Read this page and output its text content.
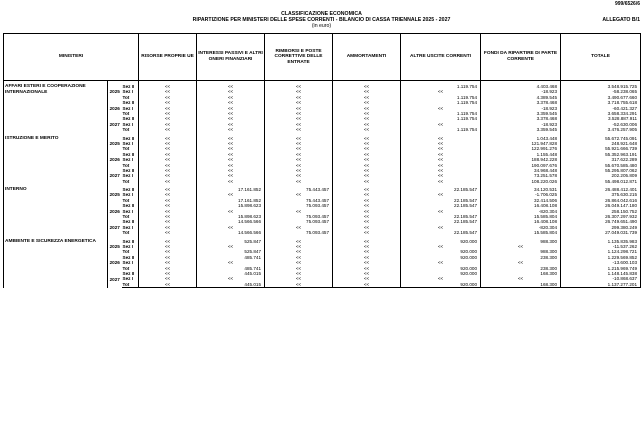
999/6526/6
CLASSIFICAZIONE ECONOMICA
RIPARTIZIONE PER MINISTERI DELLE SPESE CORRENTI - BILANCIO DI CASSA TRIENNALE 2025 - 2027
(in euro)
ALLEGATO B/1
MINISTERI			RISORSE PROPRIE UE	INTERESSI PASSIVI E ALTRI ONERI FINANZIARI	RIMBORSI E POSTE CORRETTIVE DELLE ENTRATE	AMMORTAMENTI	ALTRE USCITE CORRENTI	FONDI DA RIPARTIRE DI PARTE CORRENTE	TOTALE
AFFARI ESTERI E COOPERAZIONE INTERNAZIONALE	2025	Sez II	<<	<<	<<	<<	1.119.754	4.403.468	3.548.915.725
		Sez I	<<	<<	<<	<<	<<	-18.923	-58.238.065
		Tot	<<	<<	<<	<<	1.119.754	4.389.545	3.490.677.660
	2026	Sez II	<<	<<	<<	<<	1.119.754	3.378.468	3.718.755.618
		Sez I	<<	<<	<<	<<	<<	-18.923	-60.421.327
		Tot	<<	<<	<<	<<	1.119.754	3.359.545	3.658.334.291
	2027	Sez II	<<	<<	<<	<<	1.119.754	3.378.468	3.528.887.911
		Sez I	<<	<<	<<	<<	<<	-18.923	-52.630.006
		Tot	<<	<<	<<	<<	1.119.754	3.359.545	3.476.257.905
ISTRUZIONE E MERITO	2025	Sez II	<<	<<	<<	<<	<<	1.043.448	55.672.745.091
		Sez I	<<	<<	<<	<<	<<	121.947.828	248.921.648
		Tot	<<	<<	<<	<<	<<	122.991.276	55.921.666.739
	2026	Sez II	<<	<<	<<	<<	<<	1.155.448	55.352.963.191
		Sez I	<<	<<	<<	<<	<<	188.942.228	317.622.289
		Tot	<<	<<	<<	<<	<<	190.097.676	55.670.585.480
	2027	Sez II	<<	<<	<<	<<	<<	34.968.448	55.295.807.062
		Sez I	<<	<<	<<	<<	<<	73.251.578	202.205.809
		Tot	<<	<<	<<	<<	<<	108.220.026	55.498.012.871
INTERNO	2025	Sez II	<<	17.161.852	75.443.457	<<	22.185.547	34.120.531	26.488.412.401
		Sez I	<<	<<	<<	<<	<<	-1.706.025	375.630.215
		Tot	<<	17.161.852	75.443.457	<<	22.185.547	32.414.506	26.864.042.616
	2026	Sez II	<<	15.898.623	75.093.457	<<	22.185.547	16.408.108	26.049.147.180
		Sez I	<<	<<	<<	<<	<<	-820.304	258.150.752
		Tot	<<	15.898.623	75.093.457	<<	22.185.547	15.585.804	26.307.297.932
	2027	Sez II	<<	14.566.566	75.093.457	<<	22.185.547	16.408.108	26.749.651.490
		Sez I	<<	<<	<<	<<	<<	-820.304	299.380.249
		Tot	<<	14.566.566	75.093.457	<<	22.185.547	15.585.804	27.049.031.739
AMBIENTE E SICUREZZA ENERGETICA	2025	Sez II	<<	525.847	<<	<<	920.000	988.300	1.135.835.983
		Sez I	<<	<<	<<	<<	<<	<<	-11.537.262
		Tot	<<	525.847	<<	<<	920.000	988.300	1.124.298.721
	2026	Sez II	<<	485.741	<<	<<	920.000	238.300	1.229.569.852
		Sez I	<<	<<	<<	<<	<<	<<	-13.600.103
		Tot	<<	485.741	<<	<<	920.000	238.300	1.215.969.749
	2027	Sez II	<<	445.015	<<	<<	920.000	168.300	1.148.145.838
		Sez I	<<	<<	<<	<<	<<	<<	-10.868.637
		Tot	<<	445.015	<<	<<	920.000	168.300	1.137.277.201
